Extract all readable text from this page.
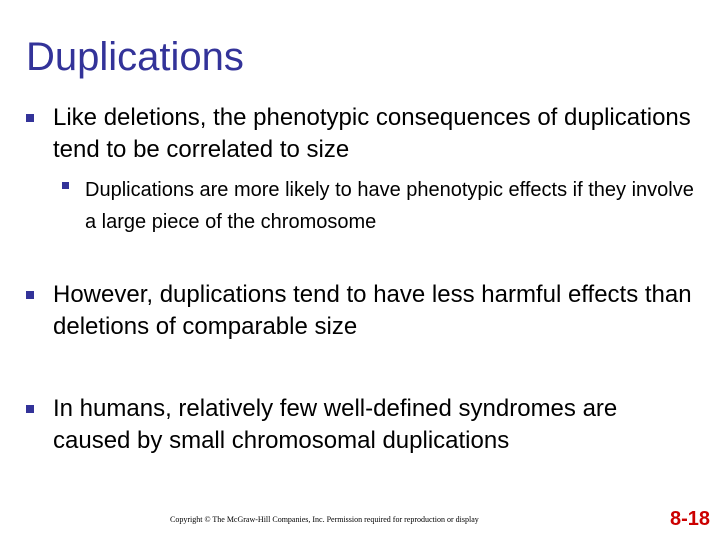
Duplications

Like deletions, the phenotypic consequences of duplications tend to be correlated to size

Duplications are more likely to have phenotypic effects if they involve a large piece of the chromosome

However, duplications tend to have less harmful effects than deletions of comparable size

In humans, relatively few well-defined syndromes are caused by small chromosomal duplications

Copyright © The McGraw-Hill Companies, Inc. Permission required for reproduction or display	8-18
